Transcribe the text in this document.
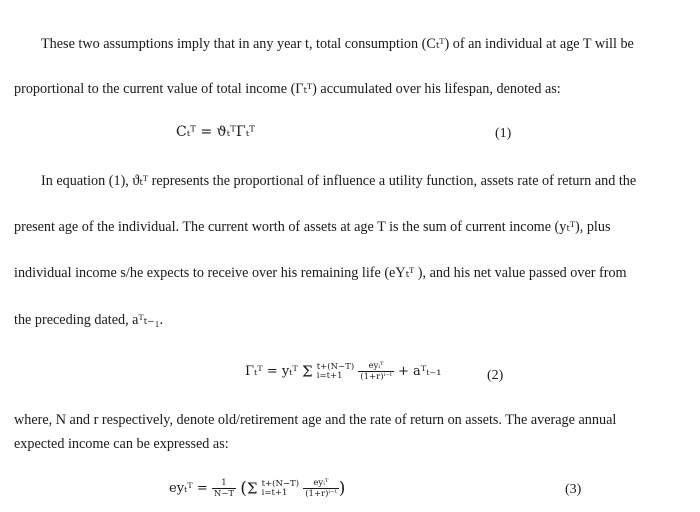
These two assumptions imply that in any year t, total consumption (Cₜᵀ) of an individual at age T will be
proportional to the current value of total income (Γₜᵀ) accumulated over his lifespan, denoted as:
Cₜᵀ = ϑₜᵀΓₜᵀ	(1)
In equation (1), ϑₜᵀ represents the proportional of influence a utility function, assets rate of return and the
present age of the individual. The current worth of assets at age T is the sum of current income (yₜᵀ), plus
individual income s/he expects to receive over his remaining life (eYₜᵀ ), and his net value passed over from
the preceding dated, aᵀₜ₋₁.
Γₜᵀ = yₜᵀ Σ t+(N−T)
i=t+1
	$\frac{\text{eyᵢᵀ}}{\text{(1+r)ⁱ⁻ᵗ}}$ + aᵀₜ₋₁	(2)
where, N and r respectively, denote old/retirement age and the rate of return on assets. The average annual
expected income can be expressed as:
eyₜᵀ = $\frac{1}{N-T} (\Sigma$ t+(N−T)
i=t+1
	$\frac{\text{eyᵢᵀ}}{\text{(1+r)ⁱ⁻ᵗ}}$ )	(3)
